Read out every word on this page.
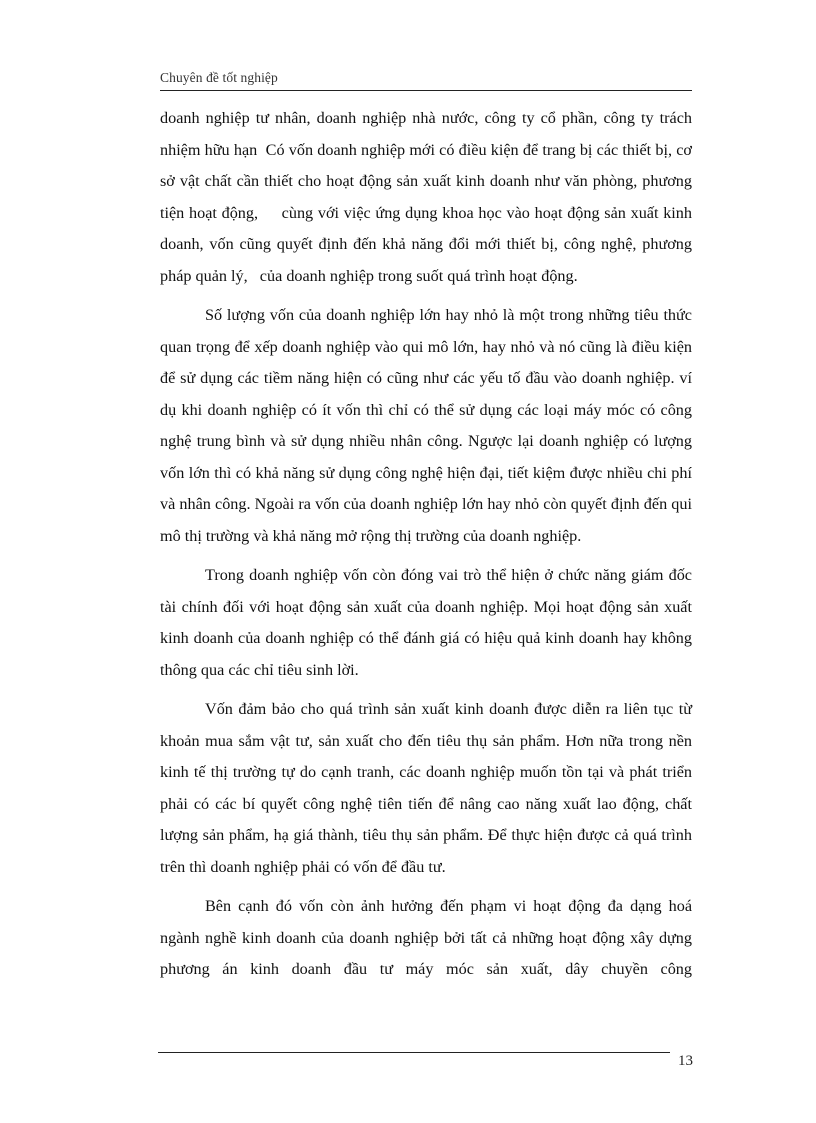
Chuyên đề tốt nghiệp

doanh nghiệp tư nhân, doanh nghiệp nhà nước, công ty cổ phần, công ty trách nhiệm hữu hạn  Có vốn doanh nghiệp mới có điều kiện để trang bị các thiết bị, cơ sở vật chất cần thiết cho hoạt động sản xuất kinh doanh như văn phòng, phương tiện hoạt động,     cùng với việc ứng dụng khoa học vào hoạt động sản xuất kinh doanh, vốn cũng quyết định đến khả năng đổi mới thiết bị, công nghệ, phương pháp quản lý,   của doanh nghiệp trong suốt quá trình hoạt động.

Số lượng vốn của doanh nghiệp lớn hay nhỏ là một trong những tiêu thức quan trọng để xếp doanh nghiệp vào qui mô lớn, hay nhỏ và nó cũng là điều kiện để sử dụng các tiềm năng hiện có cũng như các yếu tố đầu vào doanh nghiệp. ví dụ khi doanh nghiệp có ít vốn thì chỉ có thể sử dụng các loại máy móc có công nghệ trung bình và sử dụng nhiều nhân công. Ngược lại doanh nghiệp có lượng vốn lớn thì có khả năng sử dụng công nghệ hiện đại, tiết kiệm được nhiều chi phí và nhân công. Ngoài ra vốn của doanh nghiệp lớn hay nhỏ còn quyết định đến qui mô thị trường và khả năng mở rộng thị trường của doanh nghiệp.

Trong doanh nghiệp vốn còn đóng vai trò thể hiện ở chức năng giám đốc tài chính đối với hoạt động sản xuất của doanh nghiệp. Mọi hoạt động sản xuất kinh doanh của doanh nghiệp có thể đánh giá có hiệu quả kinh doanh hay không thông qua các chỉ tiêu sinh lời.

Vốn đảm bảo cho quá trình sản xuất kinh doanh được diễn ra liên tục từ khoản mua sắm vật tư, sản xuất cho đến tiêu thụ sản phẩm. Hơn nữa trong nền kinh tế thị trường tự do cạnh tranh, các doanh nghiệp muốn tồn tại và phát triển phải có các bí quyết công nghệ tiên tiến để nâng cao năng xuất lao động, chất lượng sản phẩm, hạ giá thành, tiêu thụ sản phẩm. Để thực hiện được cả quá trình trên thì doanh nghiệp phải có vốn để đầu tư.

Bên cạnh đó vốn còn ảnh hưởng đến phạm vi hoạt động đa dạng hoá ngành nghề kinh doanh của doanh nghiệp bởi tất cả những hoạt động xây dựng phương án kinh doanh đầu tư máy móc sản xuất, dây chuyền công

13
